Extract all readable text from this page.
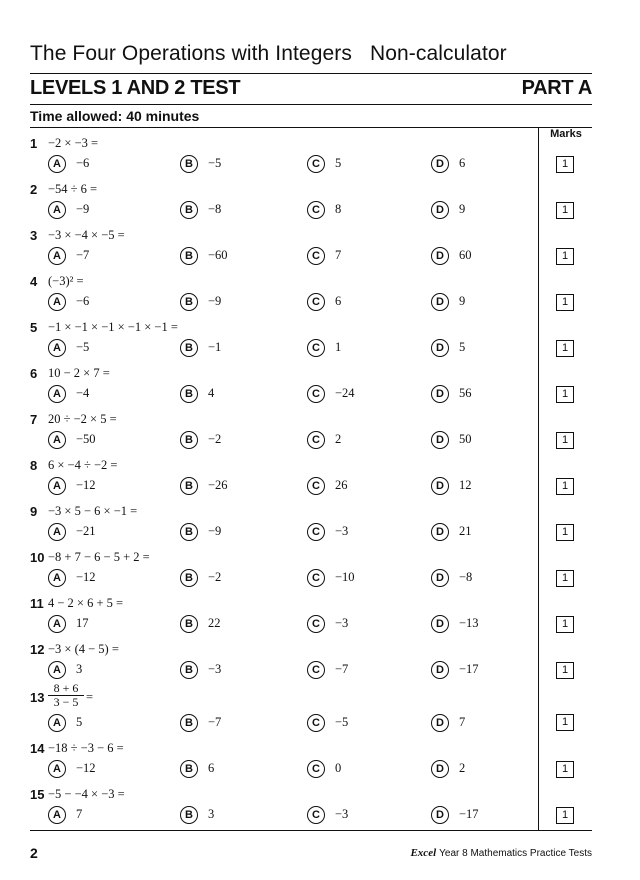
The Four Operations with Integers Non-calculator
LEVELS 1 AND 2 TEST	PART A
Time allowed: 40 minutes
Marks
1 −2 × −3 =
A	−6	B	−5	C	5	D	6	1
2 −54 ÷ 6 =
A	−9	B	−8	C	8	D	9	1
3 −3 × −4 × −5 =
A	−7	B	−60	C	7	D	60	1
4 (−3)² =
A	−6	B	−9	C	6	D	9	1
5 −1 × −1 × −1 × −1 × −1 =
A	−5	B	−1	C	1	D	5	1
6 10 − 2 × 7 =
A	−4	B	4	C	−24	D	56	1
7 20 ÷ −2 × 5 =
A	−50	B	−2	C	2	D	50	1
8 6 × −4 ÷ −2 =
A	−12	B	−26	C	26	D	12	1
9 −3 × 5 − 6 × −1 =
A	−21	B	−9	C	−3	D	21	1
10 −8 + 7 − 6 − 5 + 2 =
A	−12	B	−2	C	−10	D	−8	1
11 4 − 2 × 6 + 5 =
A	17	B	22	C	−3	D	−13	1
12 −3 × (4 − 5) =
A	3	B	−3	C	−7	D	−17	1
$13 \frac{8 + 6}{3 - 5}$ =
A	5	B	−7	C	−5	D	7	1
14 −18 ÷ −3 − 6 =
A	−12	B	6	C	0	D	2	1
15 −5 − −4 × −3 =
A	7	B	3	C	−3	D	−17	1
2	Excel Year 8 Mathematics Practice Tests
